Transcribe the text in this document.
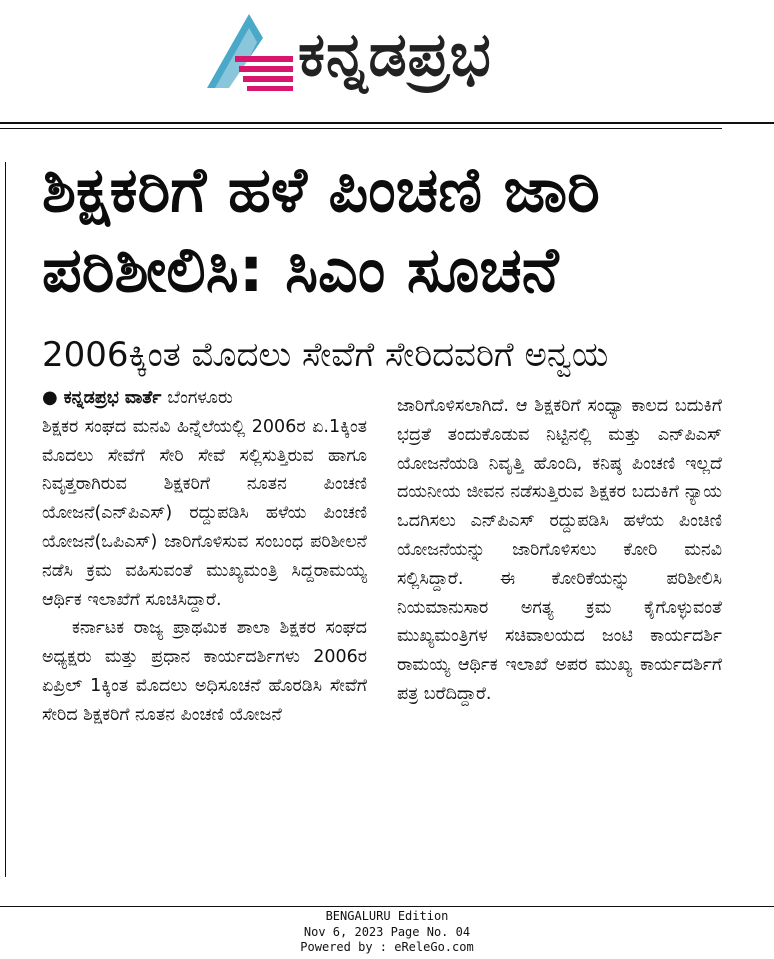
ಕನ್ನಡಪ್ರಭ
ಶಿಕ್ಷಕರಿಗೆ ಹಳೆ ಪಿಂಚಣಿ ಜಾರಿ ಪರಿಶೀಲಿಸಿ: ಸಿಎಂ ಸೂಚನೆ
2006ಕ್ಕಿಂತ ಮೊದಲು ಸೇವೆಗೆ ಸೇರಿದವರಿಗೆ ಅನ್ವಯ
● ಕನ್ನಡಪ್ರಭ ವಾರ್ತೆ ಬೆಂಗಳೂರು

ಶಿಕ್ಷಕರ ಸಂಘದ ಮನವಿ ಹಿನ್ನೆಲೆಯಲ್ಲಿ 2006ರ ಏ.1ಕ್ಕಿಂತ ಮೊದಲು ಸೇವೆಗೆ ಸೇರಿ ಸೇವೆ ಸಲ್ಲಿಸುತ್ತಿರುವ ಹಾಗೂ ನಿವೃತ್ತರಾಗಿರುವ ಶಿಕ್ಷಕರಿಗೆ ನೂತನ ಪಿಂಚಣಿ ಯೋಜನೆ(ಎನ್‌ಪಿಎಸ್) ರದ್ದುಪಡಿಸಿ ಹಳೆಯ ಪಿಂಚಣಿ ಯೋಜನೆ(ಒಪಿಎಸ್) ಜಾರಿಗೊಳಿಸುವ ಸಂಬಂಧ ಪರಿಶೀಲನೆ ನಡೆಸಿ ಕ್ರಮ ವಹಿಸುವಂತೆ ಮುಖ್ಯಮಂತ್ರಿ ಸಿದ್ದರಾಮಯ್ಯ ಆರ್ಥಿಕ ಇಲಾಖೆಗೆ ಸೂಚಿಸಿದ್ದಾರೆ.

ಕರ್ನಾಟಕ ರಾಜ್ಯ ಪ್ರಾಥಮಿಕ ಶಾಲಾ ಶಿಕ್ಷಕರ ಸಂಘದ ಅಧ್ಯಕ್ಷರು ಮತ್ತು ಪ್ರಧಾನ ಕಾರ್ಯದರ್ಶಿಗಳು 2006ರ ಏಪ್ರಿಲ್ 1ಕ್ಕಿಂತ ಮೊದಲು ಅಧಿಸೂಚನೆ ಹೊರಡಿಸಿ ಸೇವೆಗೆ ಸೇರಿದ ಶಿಕ್ಷಕರಿಗೆ ನೂತನ ಪಿಂಚಣಿ ಯೋಜನೆ

ಜಾರಿಗೊಳಿಸಲಾಗಿದೆ. ಆ ಶಿಕ್ಷಕರಿಗೆ ಸಂಧ್ಯಾ ಕಾಲದ ಬದುಕಿಗೆ ಭದ್ರತೆ ತಂದುಕೊಡುವ ನಿಟ್ಟಿನಲ್ಲಿ ಮತ್ತು ಎನ್‌ಪಿಎಸ್ ಯೋಜನೆಯಡಿ ನಿವೃತ್ತಿ ಹೊಂದಿ, ಕನಿಷ್ಠ ಪಿಂಚಣಿ ಇಲ್ಲದೆ ದಯನೀಯ ಜೀವನ ನಡೆಸುತ್ತಿರುವ ಶಿಕ್ಷಕರ ಬದುಕಿಗೆ ನ್ಯಾಯ ಒದಗಿಸಲು ಎನ್‌ಪಿಎಸ್ ರದ್ದುಪಡಿಸಿ ಹಳೆಯ ಪಿಂಚಿಣಿ ಯೋಜನೆಯನ್ನು ಜಾರಿಗೊಳಿಸಲು ಕೋರಿ ಮನವಿ ಸಲ್ಲಿಸಿದ್ದಾರೆ. ಈ ಕೋರಿಕೆಯನ್ನು ಪರಿಶೀಲಿಸಿ ನಿಯಮಾನುಸಾರ ಅಗತ್ಯ ಕ್ರಮ ಕೈಗೊಳ್ಳುವಂತೆ ಮುಖ್ಯಮಂತ್ರಿಗಳ ಸಚಿವಾಲಯದ ಜಂಟಿ ಕಾರ್ಯದರ್ಶಿ ರಾಮಯ್ಯ ಆರ್ಥಿಕ ಇಲಾಖೆ ಅಪರ ಮುಖ್ಯ ಕಾರ್ಯದರ್ಶಿಗೆ ಪತ್ರ ಬರೆದಿದ್ದಾರೆ.

BENGALURU Edition
Nov 6, 2023 Page No. 04
Powered by : eReleGo.com
